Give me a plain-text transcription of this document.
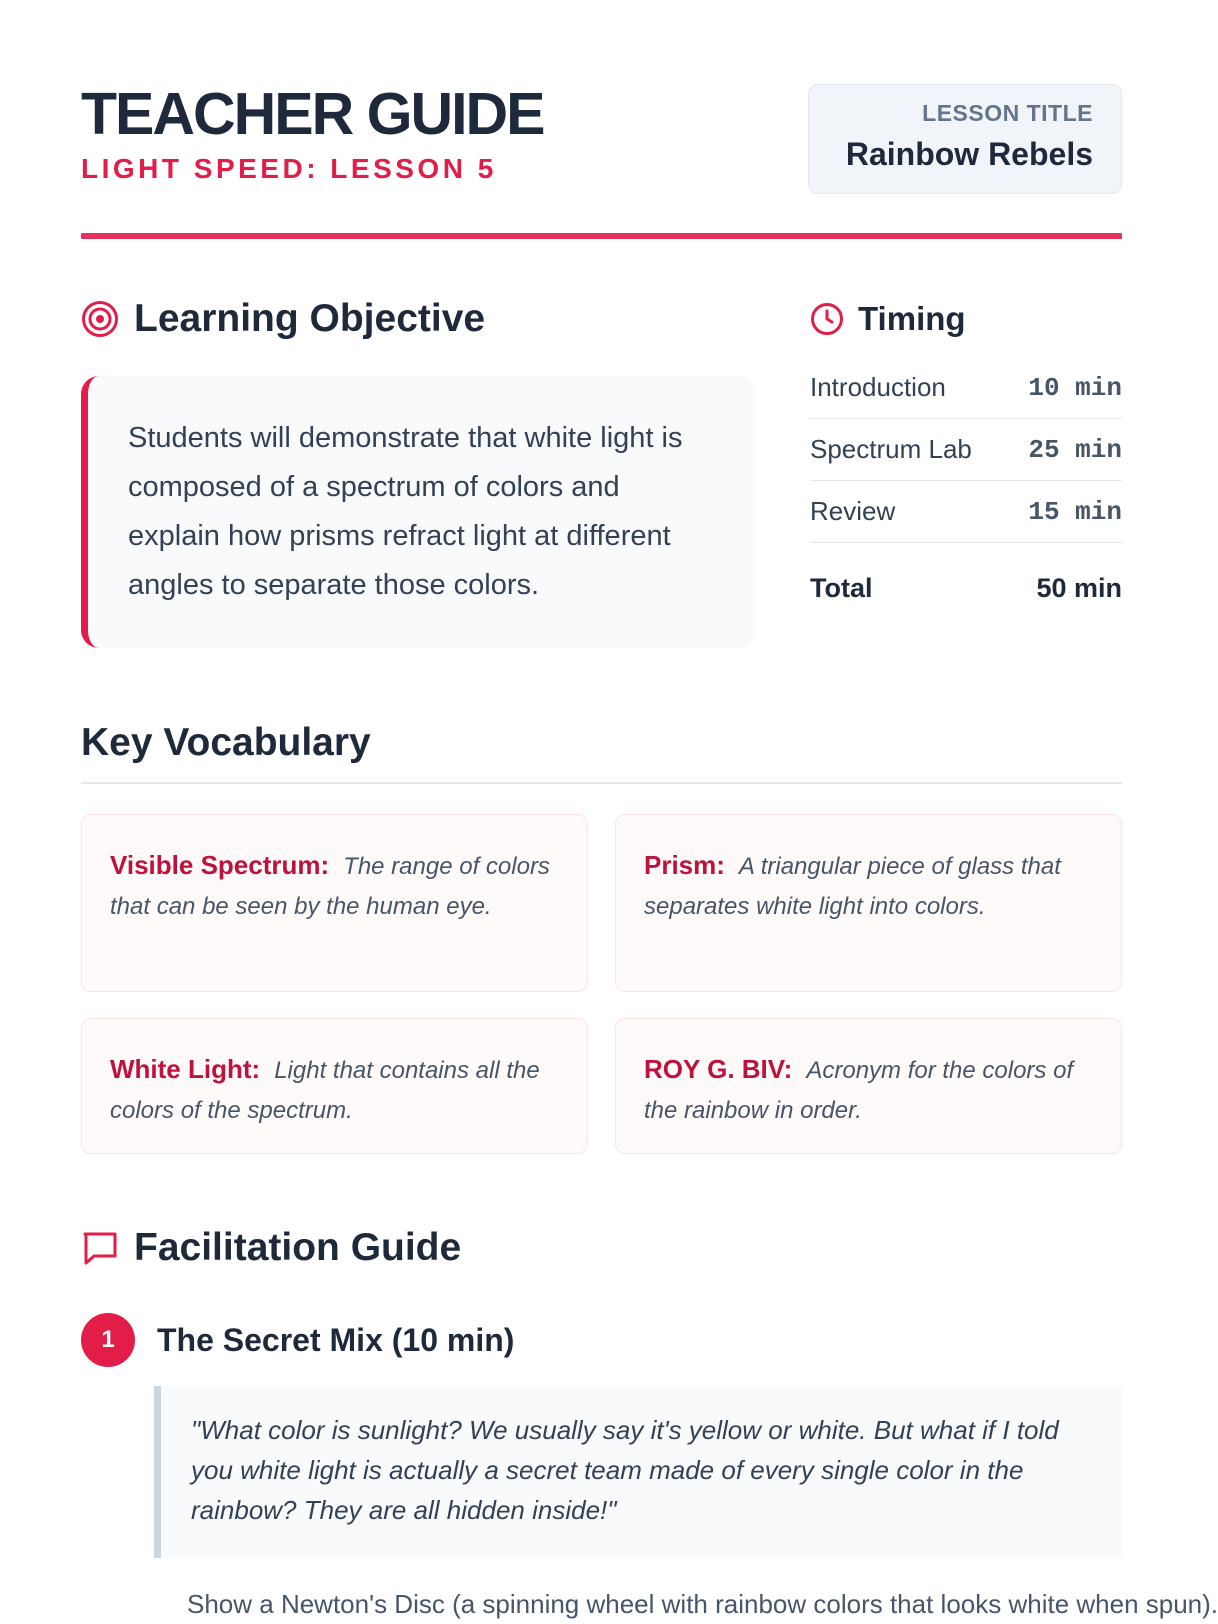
TEACHER GUIDE
LIGHT SPEED: LESSON 5
LESSON TITLE
Rainbow Rebels
Learning Objective

Students will demonstrate that white light is composed of a spectrum of colors and explain how prisms refract light at different angles to separate those colors.

Timing
Introduction	10 min
Spectrum Lab 25 min
Review	15 min
Total	50 min
Key Vocabulary

Visible Spectrum: The range of colors that can be seen by the human eye.

Prism: A triangular piece of glass that separates white light into colors.

White Light: Light that contains all the colors of the spectrum.

ROY G. BIV: Acronym for the colors of the rainbow in order.

Facilitation Guide
1	The Secret Mix (10 min)

"What color is sunlight? We usually say it's yellow or white. But what if I told you white light is actually a secret team made of every single color in the rainbow? They are all hidden inside!"

Show a Newton's Disc (a spinning wheel with rainbow colors that looks white when spun).
